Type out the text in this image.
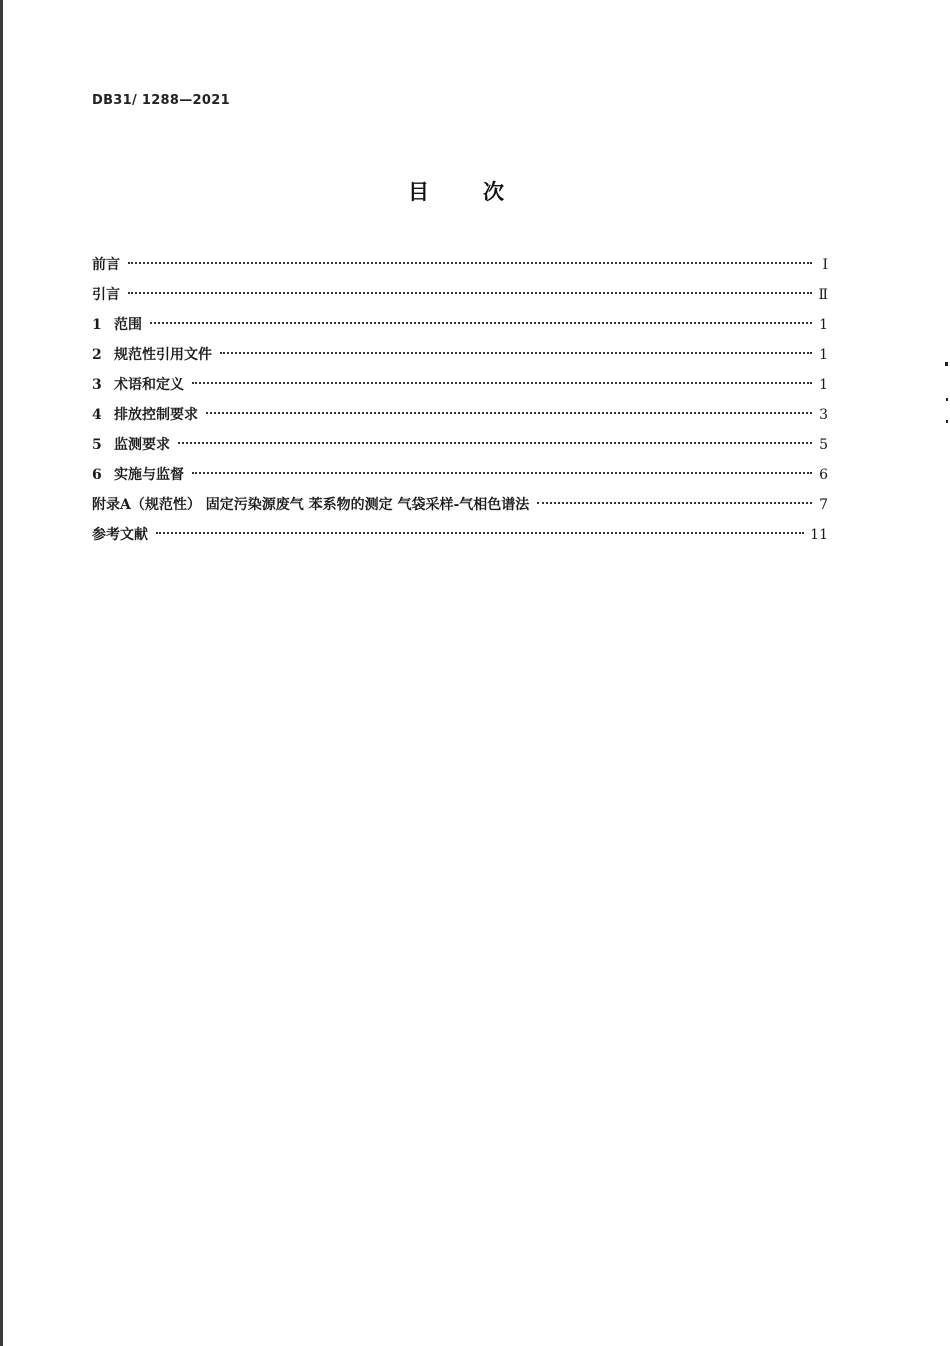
DB31/ 1288—2021
目次
前言	Ⅰ
引言	Ⅱ
1 范围	1
2 规范性引用文件	1
3 术语和定义	1
4 排放控制要求	3
5 监测要求	5
6 实施与监督	6
附录A（规范性） 固定污染源废气 苯系物的测定 气袋采样-气相色谱法	7
参考文献	11
